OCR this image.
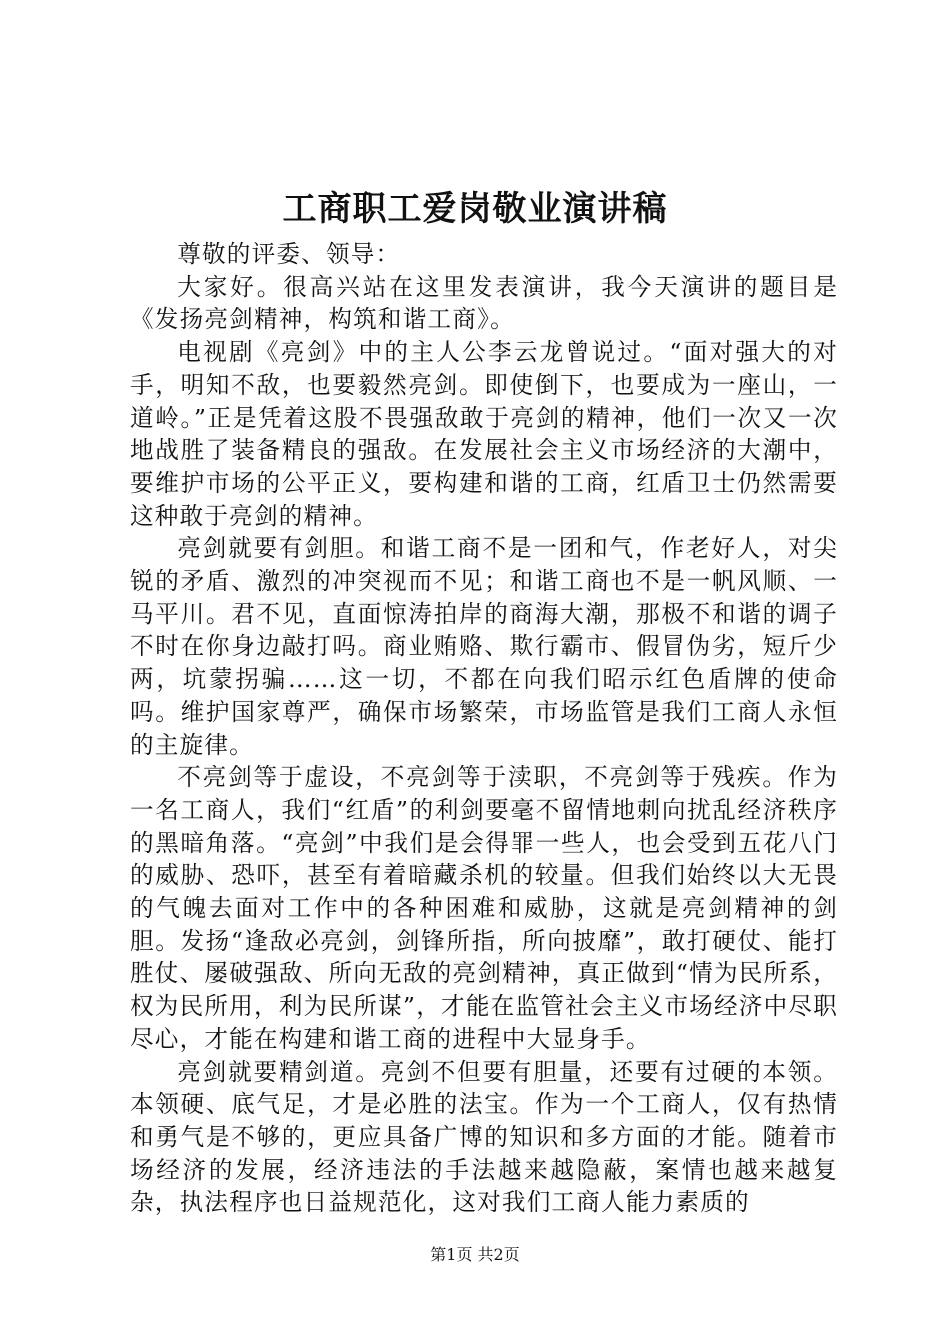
工商职工爱岗敬业演讲稿

尊敬的评委、领导：

大家好。很高兴站在这里发表演讲，我今天演讲的题目是《发扬亮剑精神，构筑和谐工商》。

电视剧《亮剑》中的主人公李云龙曾说过。“面对强大的对手，明知不敌，也要毅然亮剑。即使倒下，也要成为一座山，一道岭。”正是凭着这股不畏强敌敢于亮剑的精神，他们一次又一次地战胜了装备精良的强敌。在发展社会主义市场经济的大潮中，要维护市场的公平正义，要构建和谐的工商，红盾卫士仍然需要这种敢于亮剑的精神。

亮剑就要有剑胆。和谐工商不是一团和气，作老好人，对尖锐的矛盾、激烈的冲突视而不见；和谐工商也不是一帆风顺、一马平川。君不见，直面惊涛拍岸的商海大潮，那极不和谐的调子不时在你身边敲打吗。商业贿赂、欺行霸市、假冒伪劣，短斤少两，坑蒙拐骗……这一切，不都在向我们昭示红色盾牌的使命吗。维护国家尊严，确保市场繁荣，市场监管是我们工商人永恒的主旋律。

不亮剑等于虚设，不亮剑等于渎职，不亮剑等于残疾。作为一名工商人，我们“红盾”的利剑要毫不留情地刺向扰乱经济秩序的黑暗角落。“亮剑”中我们是会得罪一些人，也会受到五花八门的威胁、恐吓，甚至有着暗藏杀机的较量。但我们始终以大无畏的气魄去面对工作中的各种困难和威胁，这就是亮剑精神的剑胆。发扬“逢敌必亮剑，剑锋所指，所向披靡”，敢打硬仗、能打胜仗、屡破强敌、所向无敌的亮剑精神，真正做到“情为民所系，权为民所用，利为民所谋”，才能在监管社会主义市场经济中尽职尽心，才能在构建和谐工商的进程中大显身手。

亮剑就要精剑道。亮剑不但要有胆量，还要有过硬的本领。本领硬、底气足，才是必胜的法宝。作为一个工商人，仅有热情和勇气是不够的，更应具备广博的知识和多方面的才能。随着市场经济的发展，经济违法的手法越来越隐蔽，案情也越来越复杂，执法程序也日益规范化，这对我们工商人能力素质的

第1页 共2页
